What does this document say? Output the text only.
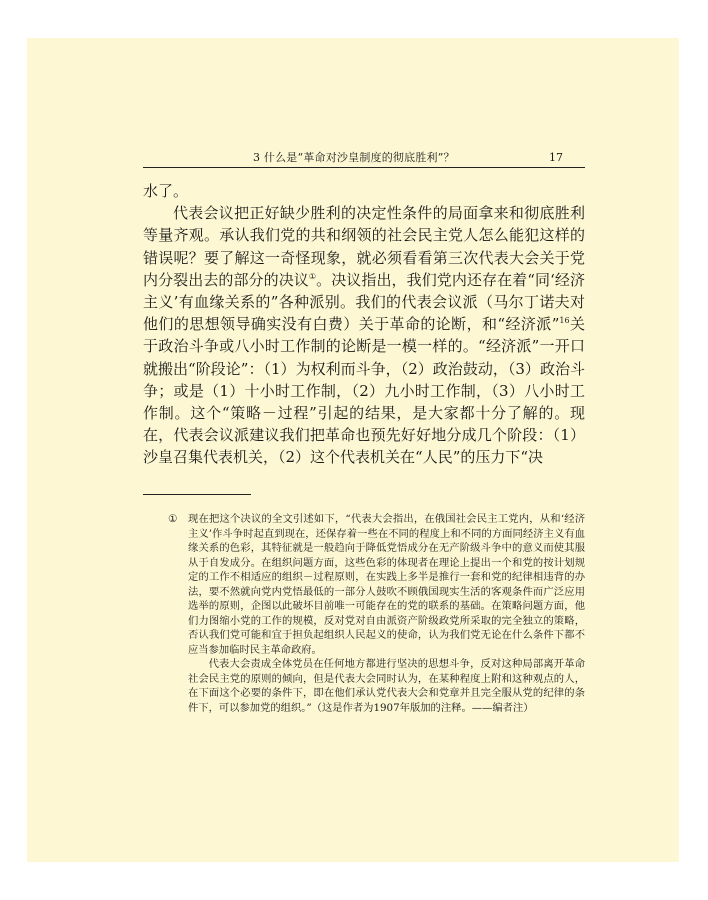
3 什么是“革命对沙皇制度的彻底胜利”？	17

水了。

代表会议把正好缺少胜利的决定性条件的局面拿来和彻底胜利等量齐观。承认我们党的共和纲领的社会民主党人怎么能犯这样的错误呢？要了解这一奇怪现象，就必须看看第三次代表大会关于党内分裂出去的部分的决议①。决议指出，我们党内还存在着“同‘经济主义’有血缘关系的”各种派别。我们的代表会议派（马尔丁诺夫对他们的思想领导确实没有白费）关于革命的论断，和“经济派”$^{16}$关于政治斗争或八小时工作制的论断是一模一样的。“经济派”一开口就搬出“阶段论”：（1）为权利而斗争，（2）政治鼓动，（3）政治斗争；或是（1）十小时工作制，（2）九小时工作制，（3）八小时工作制。这个“策略－过程”引起的结果，是大家都十分了解的。现在，代表会议派建议我们把革命也预先好好地分成几个阶段：（1）沙皇召集代表机关，（2）这个代表机关在“人民”的压力下“决

① 现在把这个决议的全文引述如下，“代表大会指出，在俄国社会民主工党内，从和‘经济主义’作斗争时起直到现在，还保存着一些在不同的程度上和不同的方面同经济主义有血缘关系的色彩，其特征就是一般趋向于降低党悟成分在无产阶级斗争中的意义而使其服从于自发成分。在组织问题方面，这些色彩的体现者在理论上提出一个和党的按计划规定的工作不相适应的组织－过程原则，在实践上多半是推行一套和党的纪律相违背的办法，要不然就向党内党悟最低的一部分人鼓吹不顾俄国现实生活的客观条件而广泛应用选举的原则，企图以此破坏目前唯一可能存在的党的联系的基础。在策略问题方面，他们力图缩小党的工作的规模，反对党对自由派资产阶级政党所采取的完全独立的策略，否认我们党可能和宜于担负起组织人民起义的使命，认为我们党无论在什么条件下都不应当参加临时民主革命政府。

代表大会责成全体党员在任何地方都进行坚决的思想斗争，反对这种局部离开革命社会民主党的原则的倾向，但是代表大会同时认为，在某种程度上附和这种观点的人，在下面这个必要的条件下，即在他们承认党代表大会和党章并且完全服从党的纪律的条件下，可以参加党的组织。”（这是作者为1907年版加的注释。——编者注）
